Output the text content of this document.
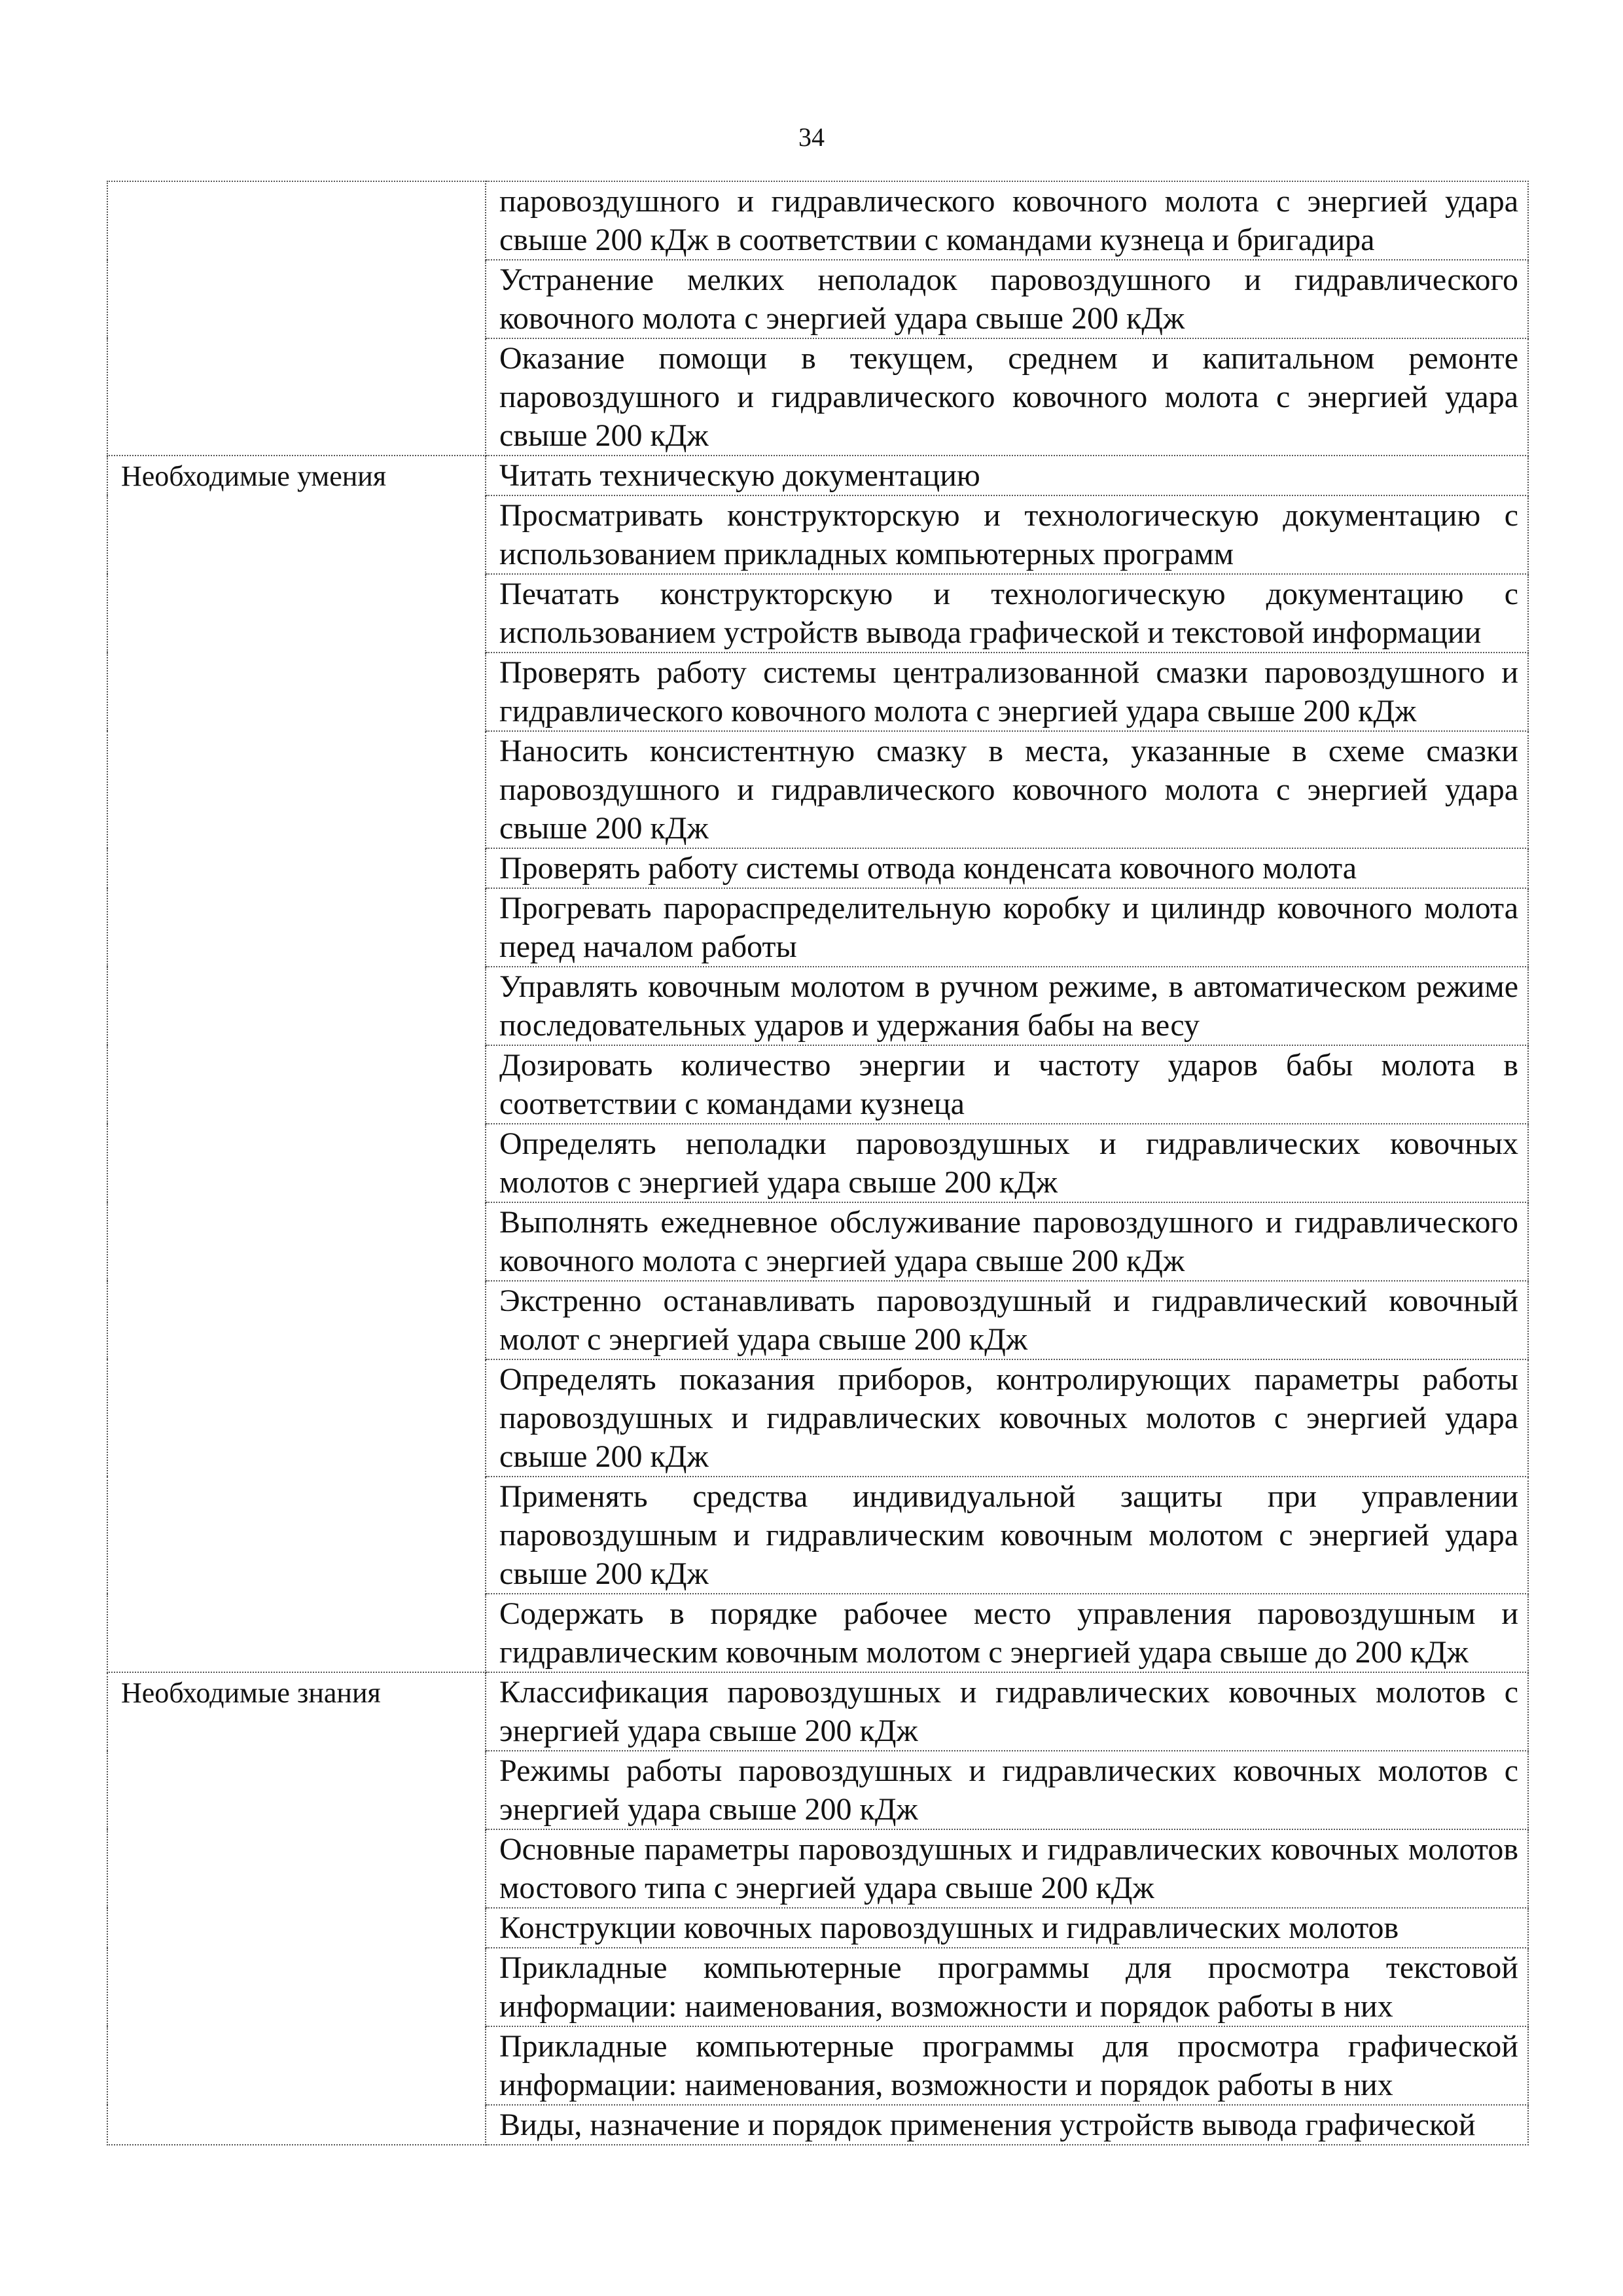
34
	паровоздушного и гидравлического ковочного молота с энергией удара свыше 200 кДж в соответствии с командами кузнеца и бригадира
	Устранение мелких неполадок паровоздушного и гидравлического ковочного молота с энергией удара свыше 200 кДж
	Оказание помощи в текущем, среднем и капитальном ремонте паровоздушного и гидравлического ковочного молота с энергией удара свыше 200 кДж
Необходимые умения	Читать техническую документацию
	Просматривать конструкторскую и технологическую документацию с использованием прикладных компьютерных программ
	Печатать конструкторскую и технологическую документацию с использованием устройств вывода графической и текстовой информации
	Проверять работу системы централизованной смазки паровоздушного и гидравлического ковочного молота с энергией удара свыше 200 кДж
	Наносить консистентную смазку в места, указанные в схеме смазки паровоздушного и гидравлического ковочного молота с энергией удара свыше 200 кДж
	Проверять работу системы отвода конденсата ковочного молота
	Прогревать парораспределительную коробку и цилиндр ковочного молота перед началом работы
	Управлять ковочным молотом в ручном режиме, в автоматическом режиме последовательных ударов и удержания бабы на весу
	Дозировать количество энергии и частоту ударов бабы молота в соответствии с командами кузнеца
	Определять неполадки паровоздушных и гидравлических ковочных молотов с энергией удара свыше 200 кДж
	Выполнять ежедневное обслуживание паровоздушного и гидравлического ковочного молота с энергией удара свыше 200 кДж
	Экстренно останавливать паровоздушный и гидравлический ковочный молот с энергией удара свыше 200 кДж
	Определять показания приборов, контролирующих параметры работы паровоздушных и гидравлических ковочных молотов с энергией удара свыше 200 кДж
	Применять средства индивидуальной защиты при управлении паровоздушным и гидравлическим ковочным молотом с энергией удара свыше 200 кДж
	Содержать в порядке рабочее место управления паровоздушным и гидравлическим ковочным молотом с энергией удара свыше до 200 кДж
Необходимые знания	Классификация паровоздушных и гидравлических ковочных молотов с энергией удара свыше 200 кДж
	Режимы работы паровоздушных и гидравлических ковочных молотов с энергией удара свыше 200 кДж
	Основные параметры паровоздушных и гидравлических ковочных молотов мостового типа с энергией удара свыше 200 кДж
	Конструкции ковочных паровоздушных и гидравлических молотов
	Прикладные компьютерные программы для просмотра текстовой информации: наименования, возможности и порядок работы в них
	Прикладные компьютерные программы для просмотра графической информации: наименования, возможности и порядок работы в них
	Виды, назначение и порядок применения устройств вывода графической
